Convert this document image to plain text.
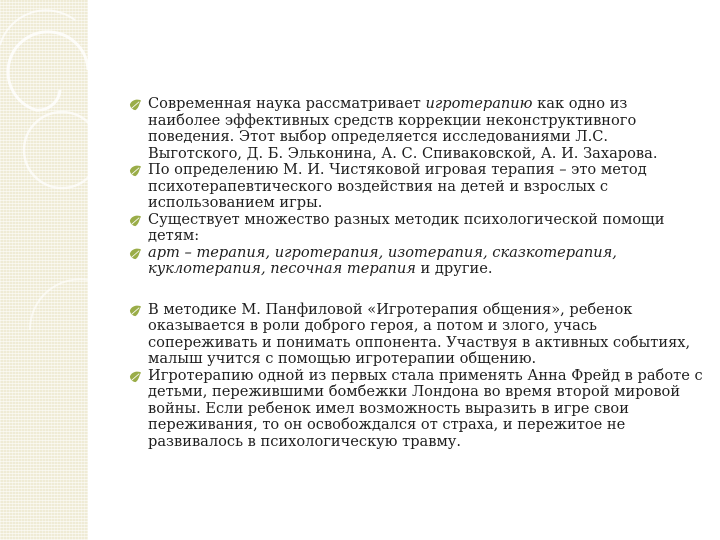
Современная наука рассматривает игротерапию как одно из наиболее эффективных средств коррекции неконструктивного поведения. Этот выбор определяется исследованиями Л.С. Выготского, Д. Б. Эльконина, А. С. Спиваковской, А. И. Захарова.
По определению М. И. Чистяковой игровая терапия – это метод психотерапевтического воздействия на детей и взрослых с использованием игры.
Существует множество разных методик психологической помощи детям:
арт – терапия, игротерапия, изотерапия, сказкотерапия, куклотерапия, песочная терапия и другие.
В методике М. Панфиловой «Игротерапия общения», ребенок оказывается в роли доброго героя, а потом и злого, учась сопереживать и понимать оппонента. Участвуя в активных событиях, малыш учится с помощью игротерапии общению.
Игротерапию одной из первых стала применять Анна Фрейд в работе с детьми, пережившими бомбежки Лондона во время второй мировой войны. Если ребенок имел возможность выразить в игре свои переживания, то он освобождался от страха, и пережитое не развивалось в психологическую травму.
